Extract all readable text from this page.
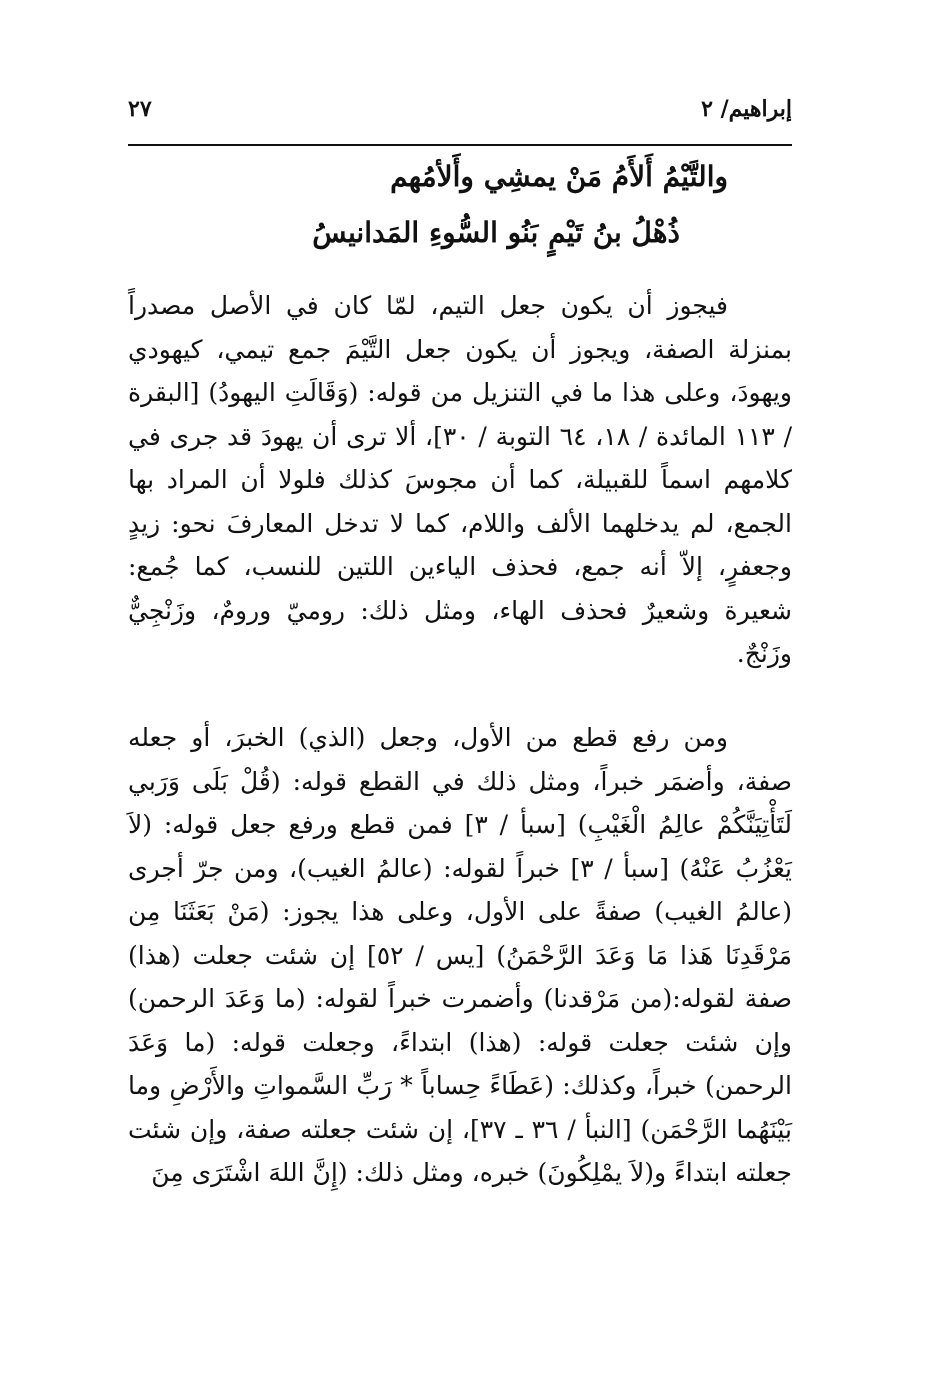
إبراهيم/ ٢
٢٧
والتَّيْمُ أَلأَمُ مَنْ يمشِي وأَلأمُهم
ذُهْلُ بنُ تَيْمٍ بَنُو السُّوءِ المَدانيسُ

فيجوز أن يكون جعل التيم، لمّا كان في الأصل مصدراً بمنزلة الصفة، ويجوز أن يكون جعل التَّيْمَ جمع تيمي، كيهودي ويهودَ، وعلى هذا ما في التنزيل من قوله: (وَقَالَتِ اليهودُ) [البقرة / ١١٣ المائدة / ١٨، ٦٤ التوبة / ٣٠]، ألا ترى أن يهودَ قد جرى في كلامهم اسماً للقبيلة، كما أن مجوسَ كذلك فلولا أن المراد بها الجمع، لم يدخلهما الألف واللام، كما لا تدخل المعارفَ نحو: زيدٍ وجعفرٍ، إلاّ أنه جمع، فحذف الياءين اللتين للنسب، كما جُمع: شعيرة وشعيرٌ فحذف الهاء، ومثل ذلك: روميّ ورومٌ، وزَنْجِيٌّ وزَنْجٌ.

ومن رفع قطع من الأول، وجعل (الذي) الخبرَ، أو جعله صفة، وأضمَر خبراً، ومثل ذلك في القطع قوله: (قُلْ بَلَى وَرَبي لَتَأْتِيَنَّكُمْ عالِمُ الْغَيْبِ) [سبأ / ٣] فمن قطع ورفع جعل قوله: (لاَ يَعْزُبُ عَنْهُ) [سبأ / ٣] خبراً لقوله: (عالمُ الغيب)، ومن جرّ أجرى (عالمُ الغيب) صفةً على الأول، وعلى هذا يجوز: (مَنْ بَعَثَنَا مِن مَرْقَدِنَا هَذا مَا وَعَدَ الرَّحْمَنُ) [يس / ٥٢] إن شئت جعلت (هذا) صفة لقوله:(من مَرْقدنا) وأضمرت خبراً لقوله: (ما وَعَدَ الرحمن) وإن شئت جعلت قوله: (هذا) ابتداءً، وجعلت قوله: (ما وَعَدَ الرحمن) خبراً، وكذلك: (عَطَاءً حِساباً * رَبِّ السَّمواتِ والأَرْضِ وما بَيْنَهُما الرَّحْمَن) [النبأ / ٣٦ ـ ٣٧]، إن شئت جعلته صفة، وإن شئت جعلته ابتداءً و(لاَ يمْلِكُونَ) خبره، ومثل ذلك: (إِنَّ اللهَ اشْتَرَى مِنَ
